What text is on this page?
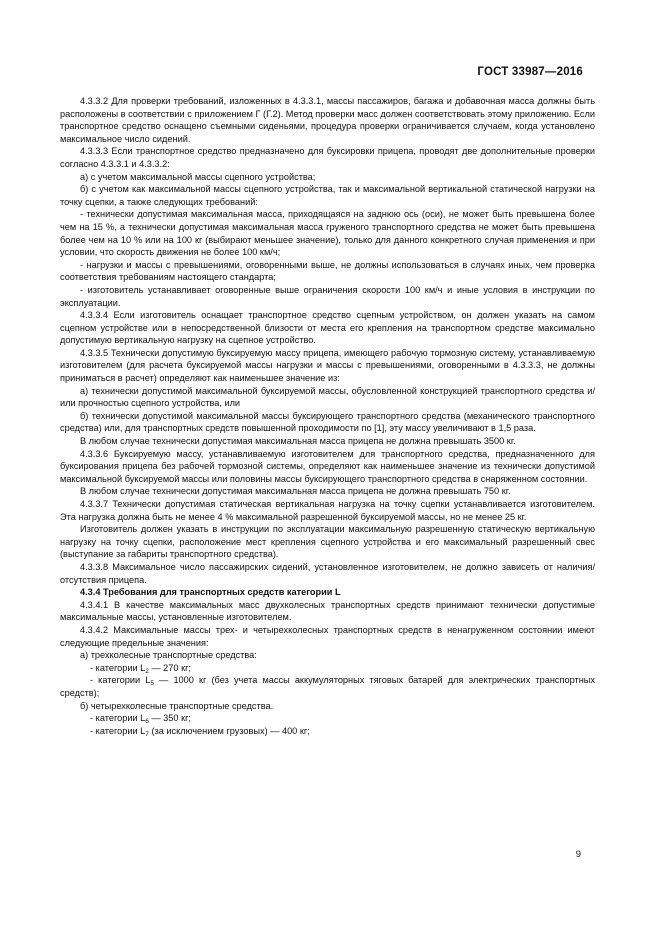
ГОСТ 33987—2016

4.3.3.2 Для проверки требований, изложенных в 4.3.3.1, массы пассажиров, багажа и добавочная масса должны быть расположены в соответствии с приложением Г (Г.2). Метод проверки масс должен соответствовать этому приложению. Если транспортное средство оснащено съемными сиденьями, процедура проверки ограничивается случаем, когда установлено максимальное число сидений.

4.3.3.3 Если транспортное средство предназначено для буксировки прицепа, проводят две дополнительные проверки согласно 4.3.3.1 и 4.3.3.2:

а) с учетом максимальной массы сцепного устройства;

б) с учетом как максимальной массы сцепного устройства, так и максимальной вертикальной статической нагрузки на точку сцепки, а также следующих требований:

- технически допустимая максимальная масса, приходящаяся на заднюю ось (оси), не может быть превышена более чем на 15 %, а технически допустимая максимальная масса груженого транспортного средства не может быть превышена более чем на 10 % или на 100 кг (выбирают меньшее значение), только для данного конкретного случая применения и при условии, что скорость движения не более 100 км/ч;

- нагрузки и массы с превышениями, оговоренными выше, не должны использоваться в случаях иных, чем проверка соответствия требованиям настоящего стандарта;

- изготовитель устанавливает оговоренные выше ограничения скорости 100 км/ч и иные условия в инструкции по эксплуатации.

4.3.3.4 Если изготовитель оснащает транспортное средство сцепным устройством, он должен указать на самом сцепном устройстве или в непосредственной близости от места его крепления на транспортном средстве максимально допустимую вертикальную нагрузку на сцепное устройство.

4.3.3.5 Технически допустимую буксируемую массу прицепа, имеющего рабочую тормозную систему, устанавливаемую изготовителем (для расчета буксируемой массы нагрузки и массы с превышениями, оговоренными в 4.3.3.3, не должны приниматься в расчет) определяют как наименьшее значение из:

а) технически допустимой максимальной буксируемой массы, обусловленной конструкцией транспортного средства и/или прочностью сцепного устройства, или

б) технически допустимой максимальной массы буксирующего транспортного средства (механического транспортного средства) или, для транспортных средств повышенной проходимости по [1], эту массу увеличивают в 1,5 раза.

В любом случае технически допустимая максимальная масса прицепа не должна превышать 3500 кг.

4.3.3.6 Буксируемую массу, устанавливаемую изготовителем для транспортного средства, предназначенного для буксирования прицепа без рабочей тормозной системы, определяют как наименьшее значение из технически допустимой максимальной буксируемой массы или половины массы буксирующего транспортного средства в снаряженном состоянии.

В любом случае технически допустимая максимальная масса прицепа не должна превышать 750 кг.

4.3.3.7 Технически допустимая статическая вертикальная нагрузка на точку сцепки устанавливается изготовителем. Эта нагрузка должна быть не менее 4 % максимальной разрешенной буксируемой массы, но не менее 25 кг.

Изготовитель должен указать в инструкции по эксплуатации максимальную разрешенную статическую вертикальную нагрузку на точку сцепки, расположение мест крепления сцепного устройства и его максимальный разрешенный свес (выступание за габариты транспортного средства).

4.3.3.8 Максимальное число пассажирских сидений, установленное изготовителем, не должно зависеть от наличия/отсутствия прицепа.

4.3.4 Требования для транспортных средств категории L

4.3.4.1 В качестве максимальных масс двухколесных транспортных средств принимают технически допустимые максимальные массы, установленные изготовителем.

4.3.4.2 Максимальные массы трех- и четырехколесных транспортных средств в ненагруженном состоянии имеют следующие предельные значения:

а) трехколесные транспортные средства:

- категории $L_2$ — 270 кг;

- категории $L_5$ — 1000 кг (без учета массы аккумуляторных тяговых батарей для электрических транспортных средств);

б) четырехколесные транспортные средства.

- категории $L_6$ — 350 кг;

- категории $L_7$ (за исключением грузовых) — 400 кг;

9
